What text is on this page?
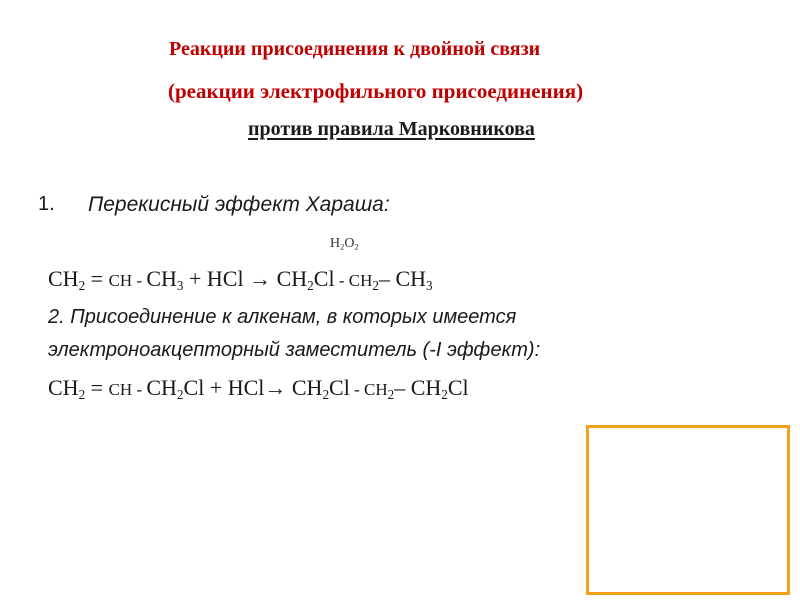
Реакции присоединения к двойной связи
(реакции электрофильного присоединения)
против правила Марковникова
1. Перекисный эффект Хараша:
$H_2O_2$
$CH_2$ = CH - $CH_3$ + HCl → $CH_2Cl - CH_2-$ $CH_3$
2. Присоединение к алкенам, в которых имеется
электроноакцепторный заместитель (-I эффект):
$CH_2$ = CH - $CH_2Cl + HCl\to CH_2Cl - CH_2-$ $CH_2Cl$
